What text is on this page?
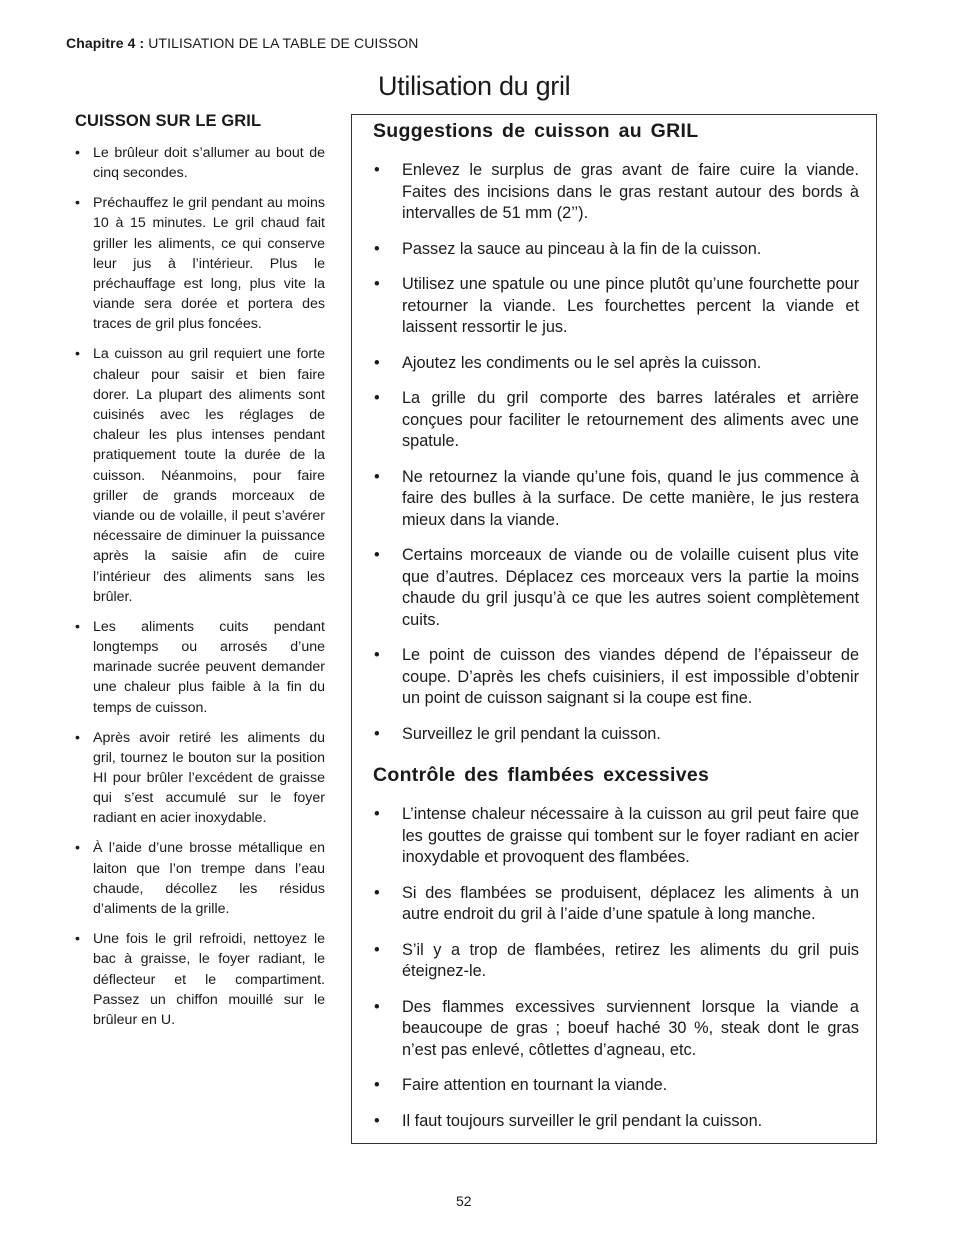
Chapitre 4 : UTILISATION DE LA TABLE DE CUISSON
Utilisation du gril
CUISSON SUR LE GRIL
• Le brûleur doit s’allumer au bout de cinq secondes.
• Préchauffez le gril pendant au moins 10 à 15 minutes. Le gril chaud fait griller les aliments, ce qui conserve leur jus à l’intérieur. Plus le préchauffage est long, plus vite la viande sera dorée et portera des traces de gril plus foncées.
• La cuisson au gril requiert une forte chaleur pour saisir et bien faire dorer. La plupart des aliments sont cuisinés avec les réglages de chaleur les plus intenses pendant pratiquement toute la durée de la cuisson. Néanmoins, pour faire griller de grands morceaux de viande ou de volaille, il peut s’avérer nécessaire de diminuer la puissance après la saisie afin de cuire l’intérieur des aliments sans les brûler.
• Les aliments cuits pendant longtemps ou arrosés d’une marinade sucrée peuvent demander une chaleur plus faible à la fin du temps de cuisson.
• Après avoir retiré les aliments du gril, tournez le bouton sur la position HI pour brûler l’excédent de graisse qui s’est accumulé sur le foyer radiant en acier inoxydable.
• À l’aide d’une brosse métallique en laiton que l’on trempe dans l’eau chaude, décollez les résidus d’aliments de la grille.
• Une fois le gril refroidi, nettoyez le bac à graisse, le foyer radiant, le déflecteur et le compartiment. Passez un chiffon mouillé sur le brûleur en U.
Suggestions de cuisson au GRIL
• Enlevez le surplus de gras avant de faire cuire la viande. Faites des incisions dans le gras restant autour des bords à intervalles de 51 mm (2’’).
• Passez la sauce au pinceau à la fin de la cuisson.
• Utilisez une spatule ou une pince plutôt qu’une fourchette pour retourner la viande. Les fourchettes percent la viande et laissent ressortir le jus.
• Ajoutez les condiments ou le sel après la cuisson.
• La grille du gril comporte des barres latérales et arrière conçues pour faciliter le retournement des aliments avec une spatule.
• Ne retournez la viande qu’une fois, quand le jus commence à faire des bulles à la surface. De cette manière, le jus restera mieux dans la viande.
• Certains morceaux de viande ou de volaille cuisent plus vite que d’autres. Déplacez ces morceaux vers la partie la moins chaude du gril jusqu’à ce que les autres soient complètement cuits.
• Le point de cuisson des viandes dépend de l’épaisseur de coupe. D’après les chefs cuisiniers, il est impossible d’obtenir un point de cuisson saignant si la coupe est fine.
• Surveillez le gril pendant la cuisson.
Contrôle des flambées excessives
• L’intense chaleur nécessaire à la cuisson au gril peut faire que les gouttes de graisse qui tombent sur le foyer radiant en acier inoxydable et provoquent des flambées.
• Si des flambées se produisent, déplacez les aliments à un autre endroit du gril à l’aide d’une spatule à long manche.
• S’il y a trop de flambées, retirez les aliments du gril puis éteignez-le.
• Des flammes excessives surviennent lorsque la viande a beaucoupe de gras ; boeuf haché 30 %, steak dont le gras n’est pas enlevé, côtlettes d’agneau, etc.
• Faire attention en tournant la viande.
• Il faut toujours surveiller le gril pendant la cuisson.
52
